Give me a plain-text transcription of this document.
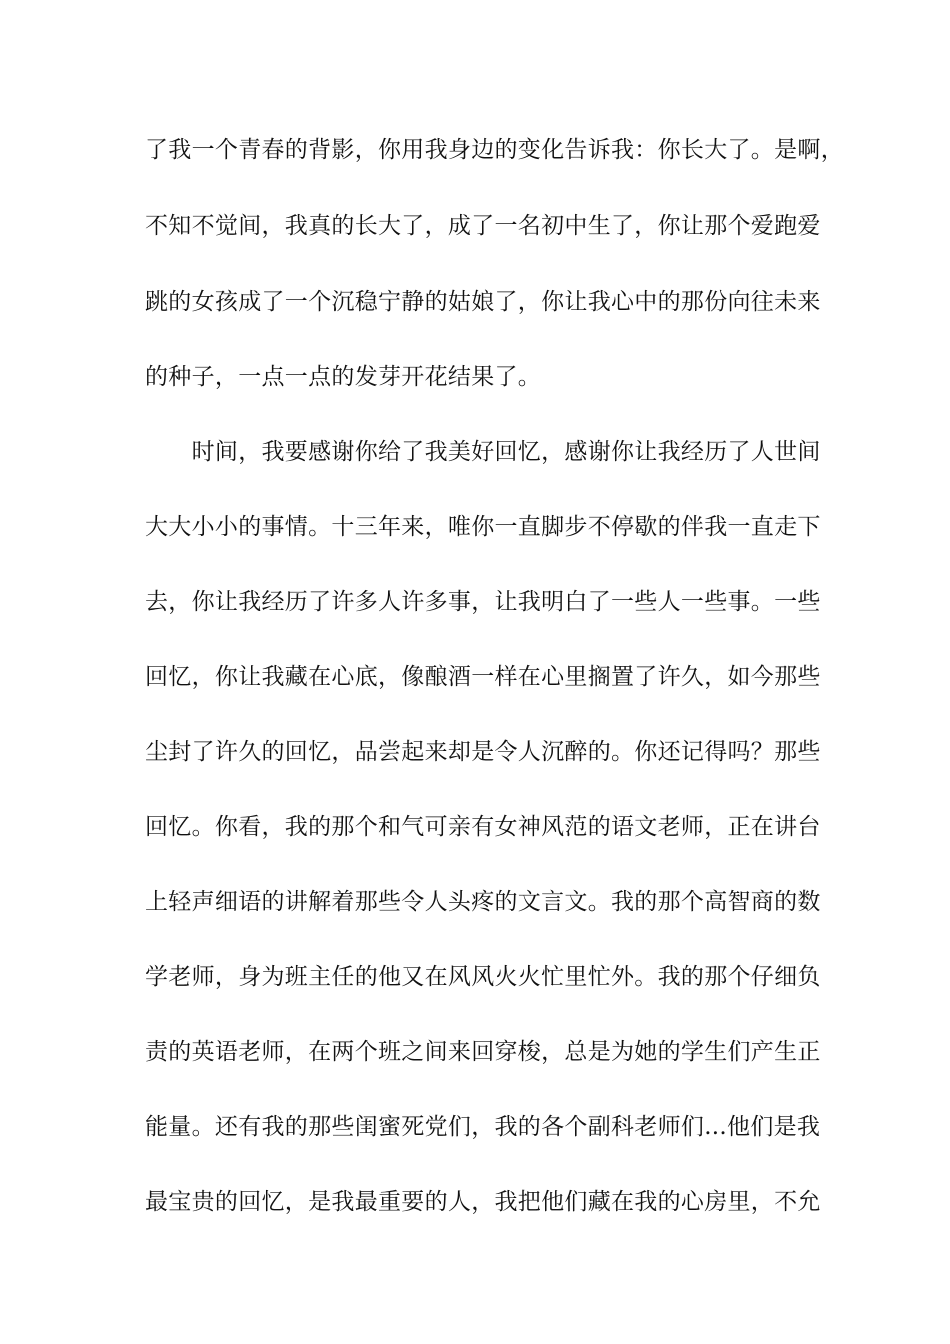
了我一个青春的背影，你用我身边的变化告诉我：你长大了。是啊，
不知不觉间，我真的长大了，成了一名初中生了，你让那个爱跑爱
跳的女孩成了一个沉稳宁静的姑娘了，你让我心中的那份向往未来
的种子，一点一点的发芽开花结果了。
　　时间，我要感谢你给了我美好回忆，感谢你让我经历了人世间
大大小小的事情。十三年来，唯你一直脚步不停歇的伴我一直走下
去，你让我经历了许多人许多事，让我明白了一些人一些事。一些
回忆，你让我藏在心底，像酿酒一样在心里搁置了许久，如今那些
尘封了许久的回忆，品尝起来却是令人沉醉的。你还记得吗？那些
回忆。你看，我的那个和气可亲有女神风范的语文老师，正在讲台
上轻声细语的讲解着那些令人头疼的文言文。我的那个高智商的数
学老师，身为班主任的他又在风风火火忙里忙外。我的那个仔细负
责的英语老师，在两个班之间来回穿梭，总是为她的学生们产生正
能量。还有我的那些闺蜜死党们，我的各个副科老师们...他们是我
最宝贵的回忆，是我最重要的人，我把他们藏在我的心房里，不允
